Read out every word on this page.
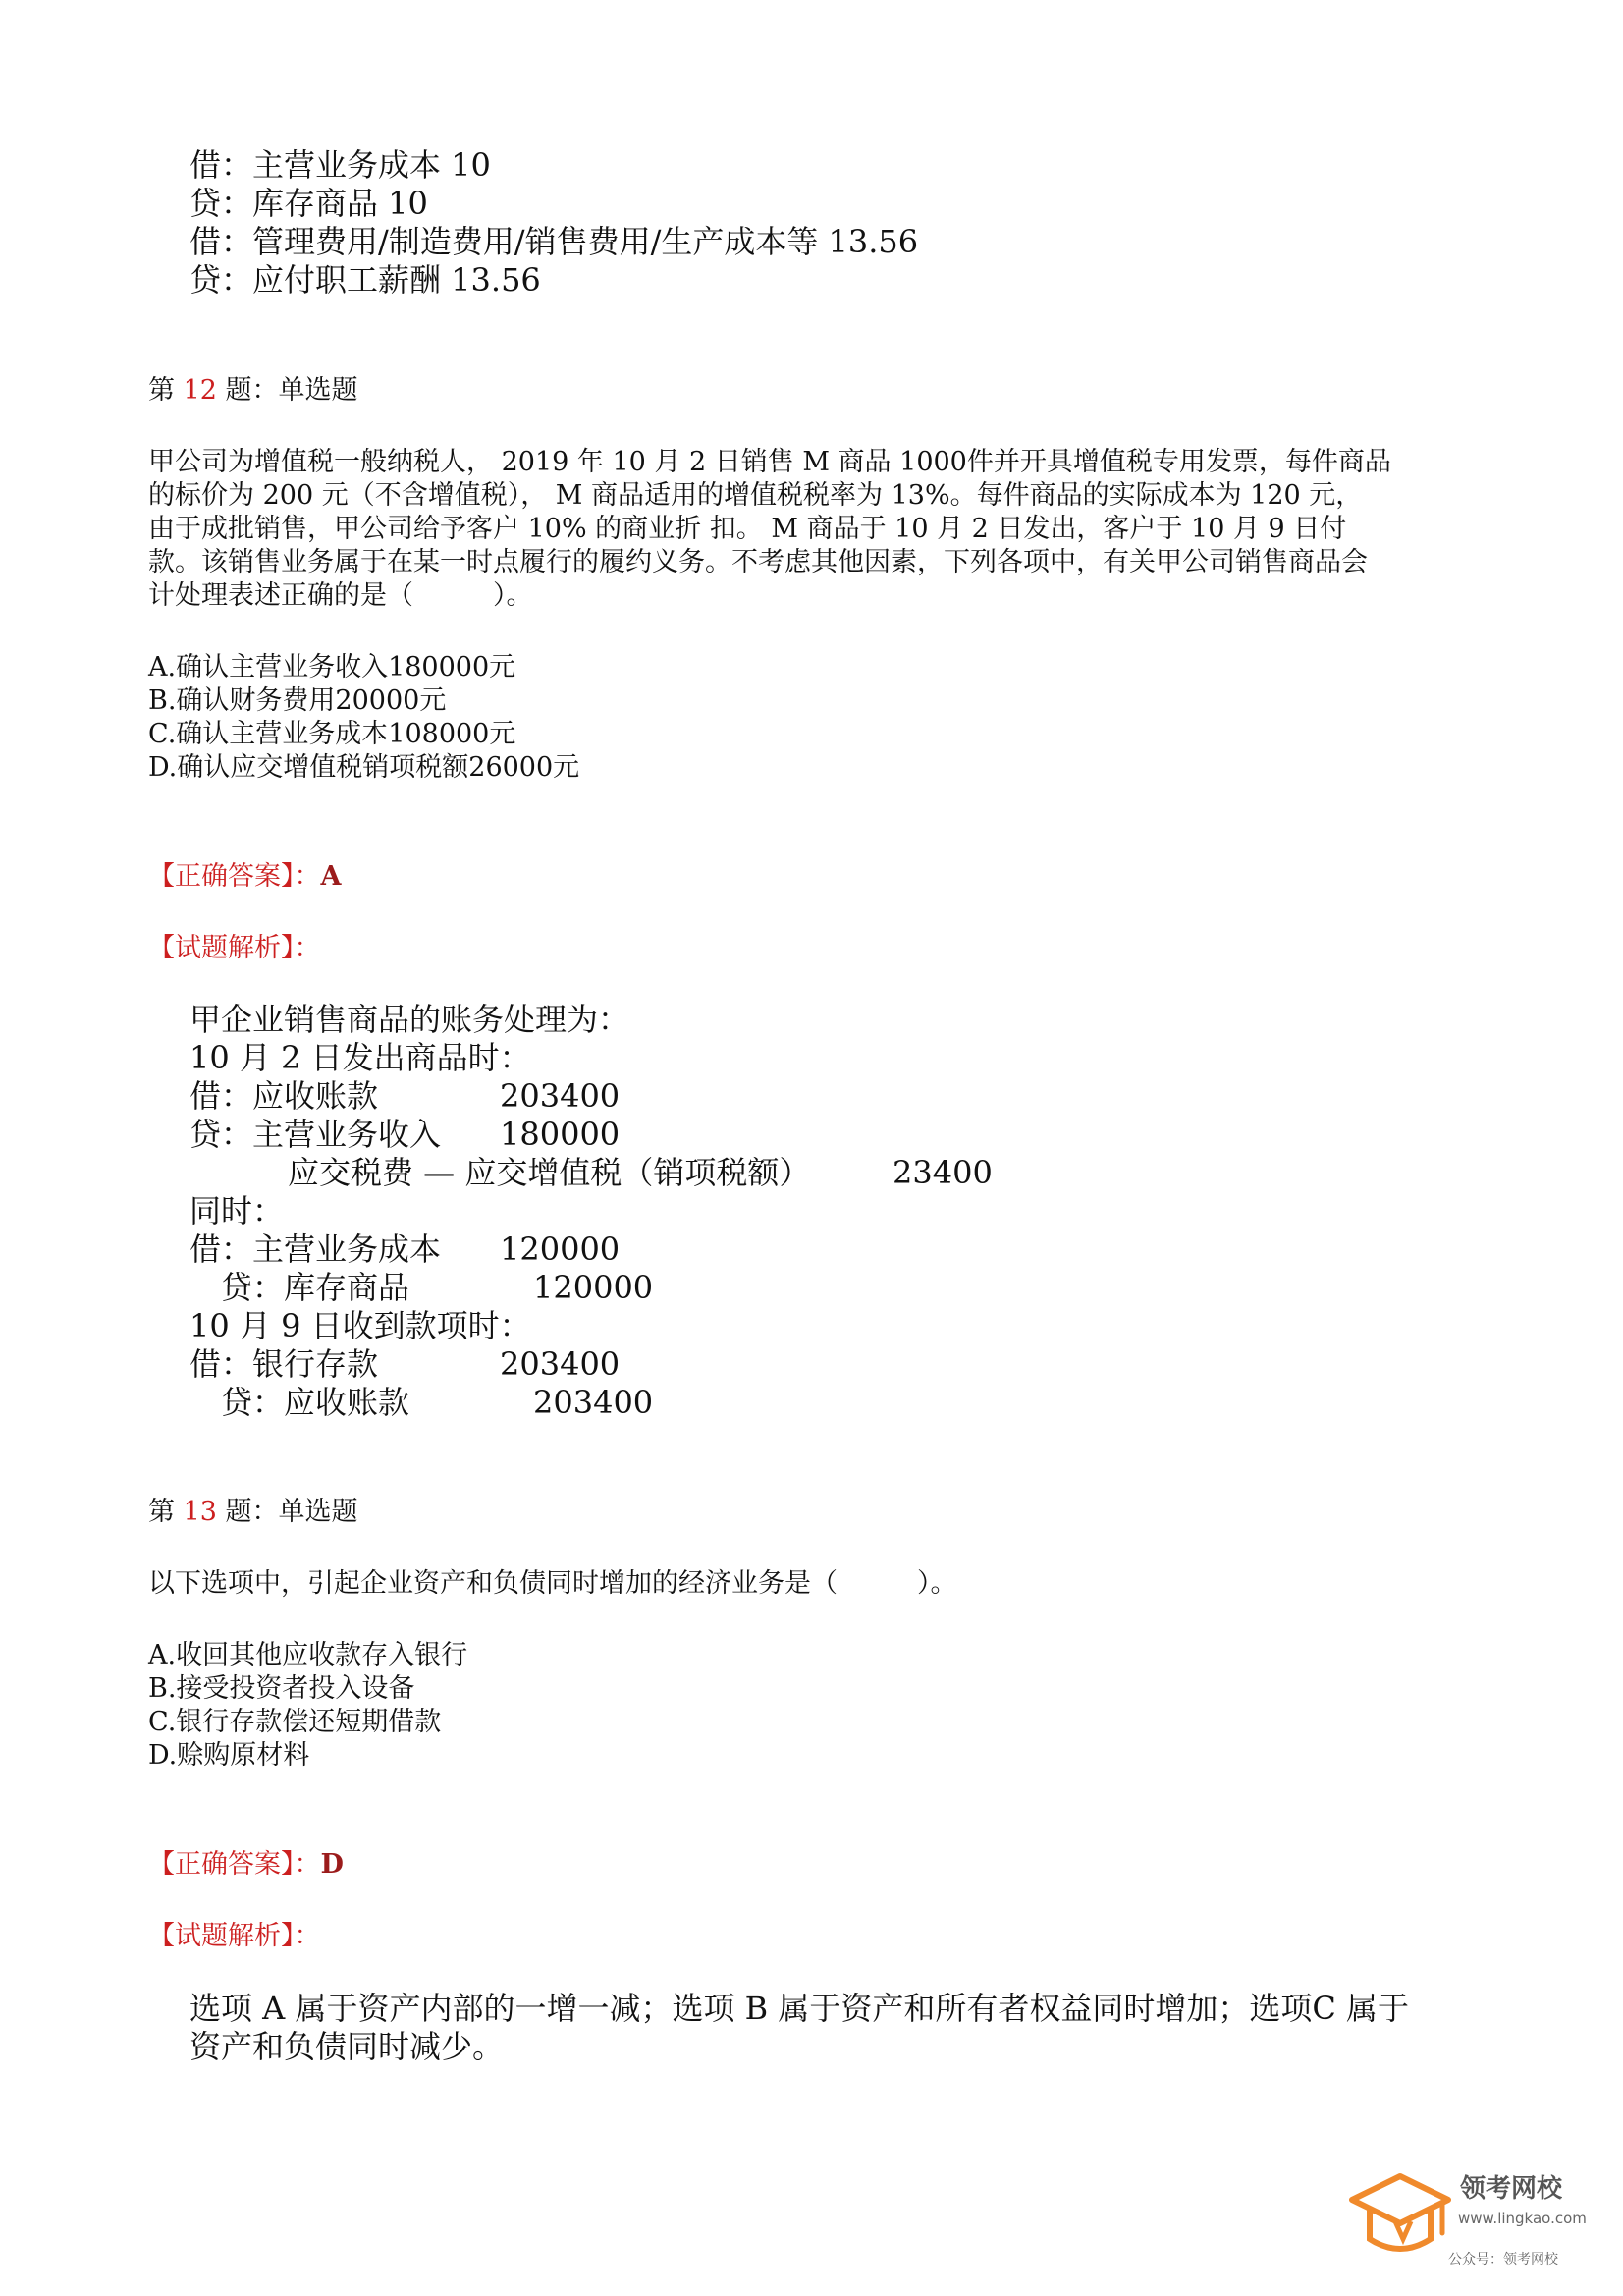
借：主营业务成本 10
贷：库存商品 10
借：管理费用/制造费用/销售费用/生产成本等 13.56
贷：应付职工薪酬 13.56
第 12 题：单选题
甲公司为增值税一般纳税人， 2019 年 10 月 2 日销售 M 商品 1000件并开具增值税专用发票，每件商品
的标价为 200 元（不含增值税）， M 商品适用的增值税税率为 13%。每件商品的实际成本为 120 元，
由于成批销售，甲公司给予客户 10% 的商业折 扣。 M 商品于 10 月 2 日发出，客户于 10 月 9 日付
款。该销售业务属于在某一时点履行的履约义务。不考虑其他因素，下列各项中，有关甲公司销售商品会
计处理表述正确的是（　　　）。
A.确认主营业务收入180000元
B.确认财务费用20000元
C.确认主营业务成本108000元
D.确认应交增值税销项税额26000元
【正确答案】：A
【试题解析】：
甲企业销售商品的账务处理为：
10 月 2 日发出商品时：
借：应收账款	203400
贷：主营业务收入 180000
应交税费 — 应交增值税（销项税额）	23400
同时：
借：主营业务成本 120000
贷：库存商品	120000
10 月 9 日收到款项时：
借：银行存款	203400
贷：应收账款	203400
第 13 题：单选题
以下选项中，引起企业资产和负债同时增加的经济业务是（　　　）。
A.收回其他应收款存入银行
B.接受投资者投入设备
C.银行存款偿还短期借款
D.赊购原材料
【正确答案】：D
【试题解析】：
选项 A 属于资产内部的一增一减；选项 B 属于资产和所有者权益同时增加；选项C 属于
资产和负债同时减少。
领考网校
www.lingkao.com
公众号：领考网校
